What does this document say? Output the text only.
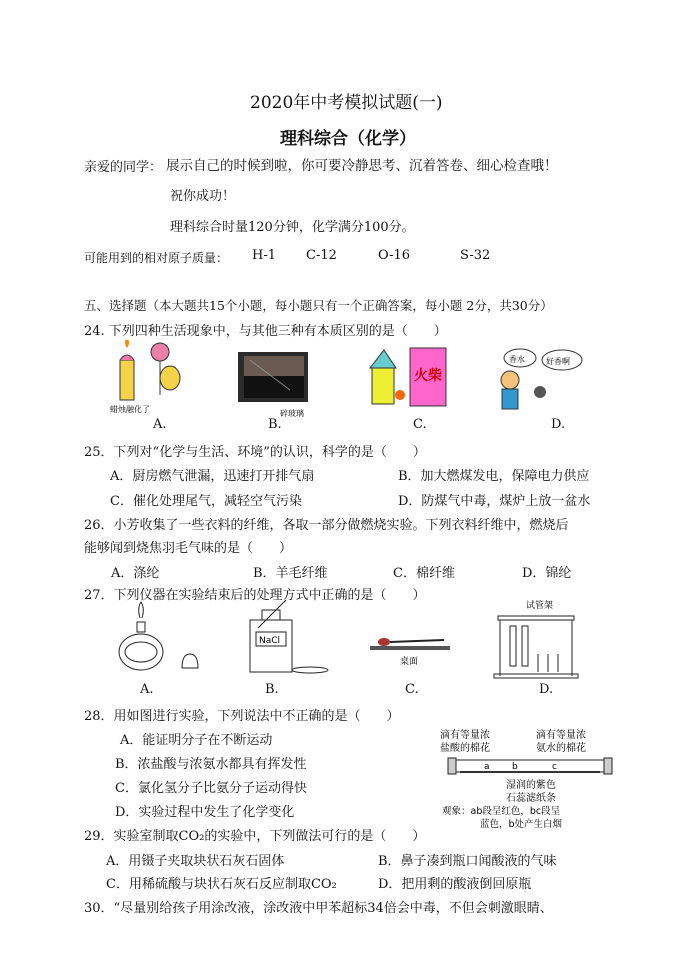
2020年中考模拟试题(一)
理科综合（化学）
亲爱的同学： 展示自己的时候到啦，你可要冷静思考、沉着答卷、细心检查哦！
祝你成功！
理科综合时量120分钟，化学满分100分。
可能用到的相对原子质量： H-1 C-12	O-16	S-32
五、选择题（本大题共15个小题，每小题只有一个正确答案，每小题 2分，共30分）
24. 下列四种生活现象中，与其他三种有本质区别的是（　　）
蜡烛融化了	碎玻璃
火柴
香水	好香啊
A.	B.	C.	D.
25．下列对“化学与生活、环境”的认识，科学的是（　　）
A．厨房燃气泄漏，迅速打开排气扇	B．加大燃煤发电，保障电力供应
C．催化处理尾气，减轻空气污染	D．防煤气中毒，煤炉上放一盆水
26．小芳收集了一些衣料的纤维，各取一部分做燃烧实验。下列衣料纤维中，燃烧后
能够闻到烧焦羽毛气味的是（　　）
A．涤纶	B．羊毛纤维	C．棉纤维	D．锦纶
27．下列仪器在实验结束后的处理方式中正确的是（　　）
NaCl
桌面
试管架
A.	B.	C.	D.
28．用如图进行实验，下列说法中不正确的是（　　）
A．能证明分子在不断运动
B．浓盐酸与浓氨水都具有挥发性
C．氯化氢分子比氨分子运动得快
D．实验过程中发生了化学变化
滴有等量浓
盐酸的棉花
滴有等量浓
氨水的棉花
a b	c
湿润的紫色
石蕊滤纸条
观象：ab段呈红色，bc段呈
蓝色，b处产生白烟
29．实验室制取CO₂的实验中，下列做法可行的是（　　）
A．用镊子夹取块状石灰石固体	B．鼻子凑到瓶口闻酸液的气味
C．用稀硫酸与块状石灰石反应制取CO₂	D．把用剩的酸液倒回原瓶
30．“尽量别给孩子用涂改液，涂改液中甲苯超标34倍会中毒，不但会刺激眼睛、
